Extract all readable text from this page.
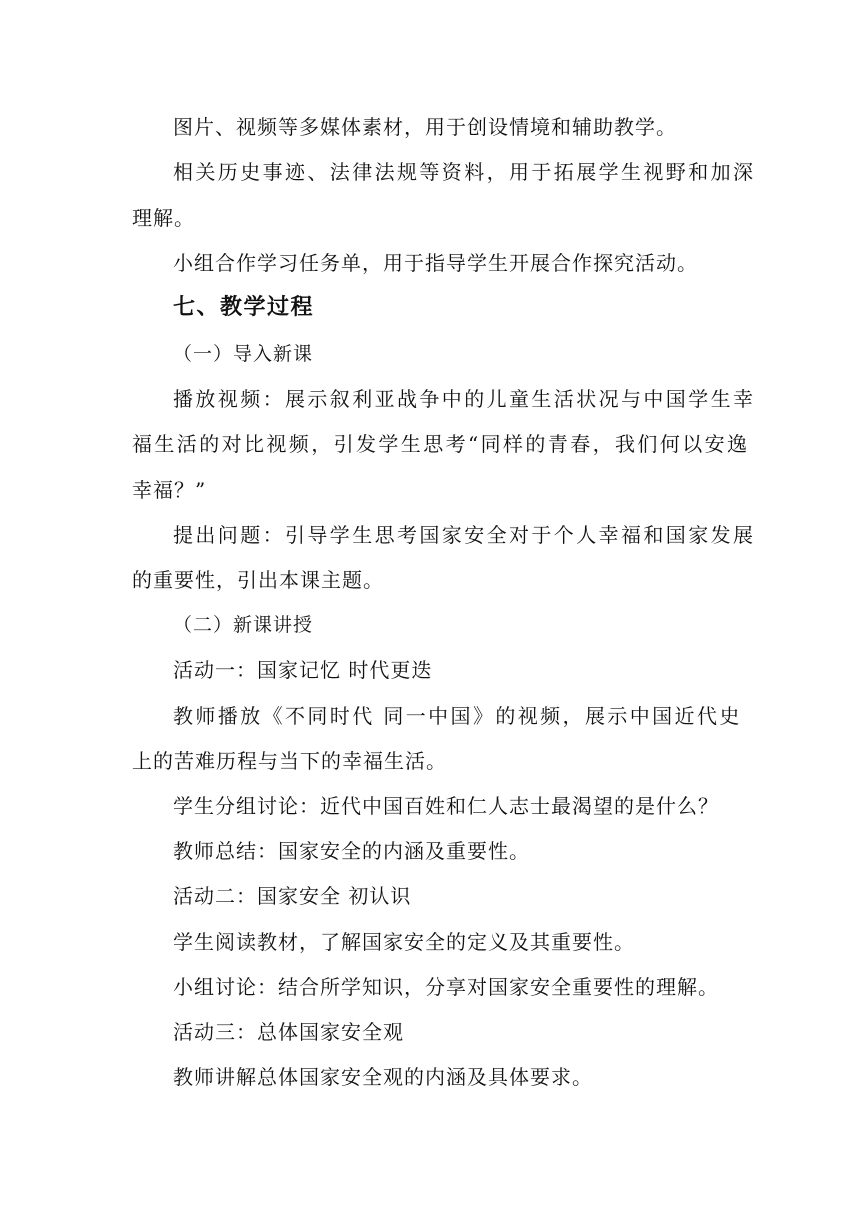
图片、视频等多媒体素材，用于创设情境和辅助教学。
相关历史事迹、法律法规等资料，用于拓展学生视野和加深
理解。
小组合作学习任务单，用于指导学生开展合作探究活动。
七、教学过程
（一）导入新课
播放视频：展示叙利亚战争中的儿童生活状况与中国学生幸
福生活的对比视频，引发学生思考“同样的青春，我们何以安逸
幸福？”
提出问题：引导学生思考国家安全对于个人幸福和国家发展
的重要性，引出本课主题。
（二）新课讲授
活动一：国家记忆 时代更迭
教师播放《不同时代 同一中国》的视频，展示中国近代史
上的苦难历程与当下的幸福生活。
学生分组讨论：近代中国百姓和仁人志士最渴望的是什么？
教师总结：国家安全的内涵及重要性。
活动二：国家安全 初认识
学生阅读教材，了解国家安全的定义及其重要性。
小组讨论：结合所学知识，分享对国家安全重要性的理解。
活动三：总体国家安全观
教师讲解总体国家安全观的内涵及具体要求。
